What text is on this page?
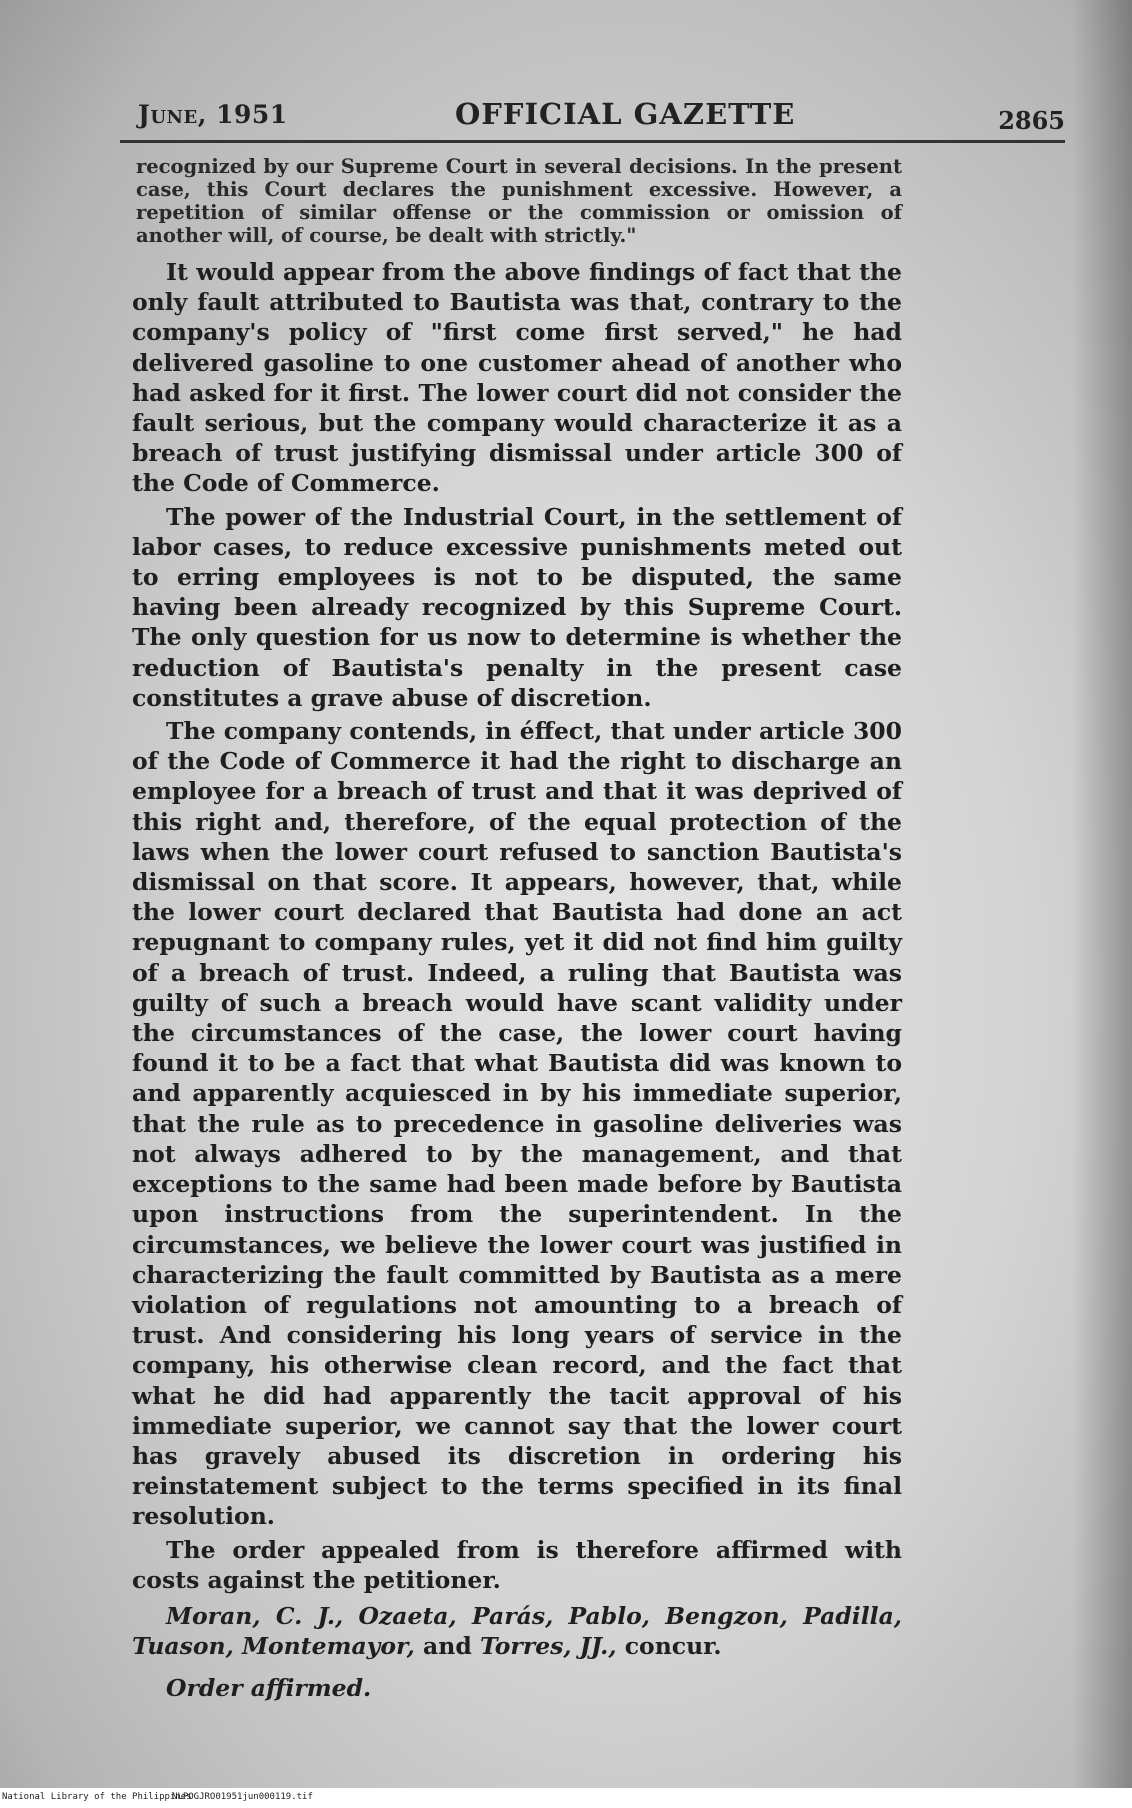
June, 1951	OFFICIAL GAZETTE	2865

recognized by our Supreme Court in several decisions. In the present case, this Court declares the punishment excessive. However, a repetition of similar offense or the commission or omission of another will, of course, be dealt with strictly."

It would appear from the above findings of fact that the only fault attributed to Bautista was that, contrary to the company's policy of "first come first served," he had delivered gasoline to one customer ahead of another who had asked for it first. The lower court did not consider the fault serious, but the company would characterize it as a breach of trust justifying dismissal under article 300 of the Code of Commerce.

The power of the Industrial Court, in the settlement of labor cases, to reduce excessive punishments meted out to erring employees is not to be disputed, the same having been already recognized by this Supreme Court. The only question for us now to determine is whether the reduction of Bautista's penalty in the present case constitutes a grave abuse of discretion.

The company contends, in éffect, that under article 300 of the Code of Commerce it had the right to discharge an employee for a breach of trust and that it was deprived of this right and, therefore, of the equal protection of the laws when the lower court refused to sanction Bautista's dismissal on that score. It appears, however, that, while the lower court declared that Bautista had done an act repugnant to company rules, yet it did not find him guilty of a breach of trust. Indeed, a ruling that Bautista was guilty of such a breach would have scant validity under the circumstances of the case, the lower court having found it to be a fact that what Bautista did was known to and apparently acquiesced in by his immediate superior, that the rule as to precedence in gasoline deliveries was not always adhered to by the management, and that exceptions to the same had been made before by Bautista upon instructions from the superintendent. In the circumstances, we believe the lower court was justified in characterizing the fault committed by Bautista as a mere violation of regulations not amounting to a breach of trust. And considering his long years of service in the company, his otherwise clean record, and the fact that what he did had apparently the tacit approval of his immediate superior, we cannot say that the lower court has gravely abused its discretion in ordering his reinstatement subject to the terms specified in its final resolution.

The order appealed from is therefore affirmed with costs against the petitioner.

Moran, C. J., Ozaeta, Parás, Pablo, Bengzon, Padilla, Tuason, Montemayor, and Torres, JJ., concur.

Order affirmed.

National Library of the Philippines
NLPOGJRO01951jun000119.tif
